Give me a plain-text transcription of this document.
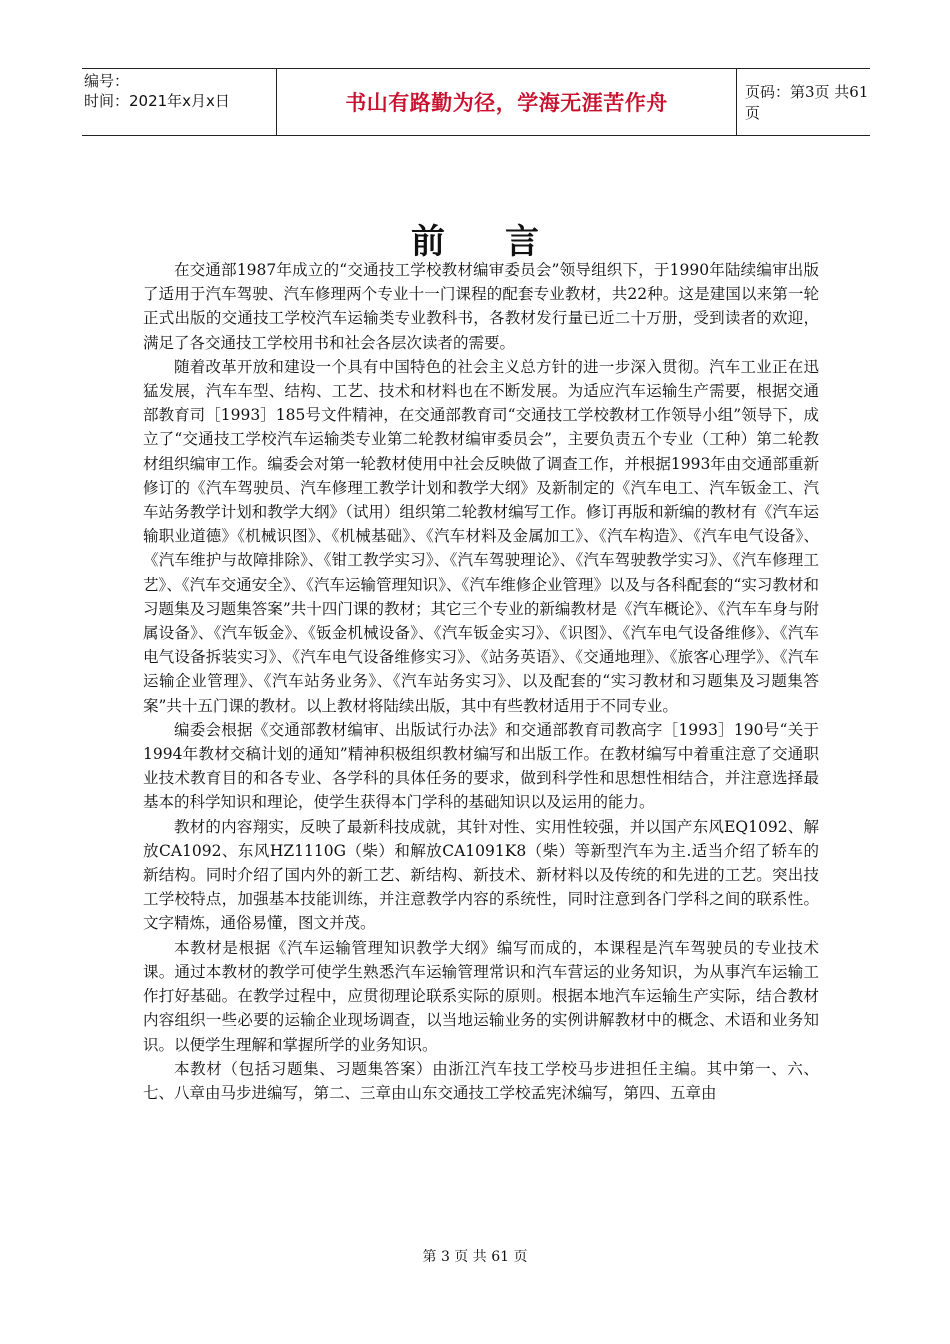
编号：
时间：2021年x月x日	书山有路勤为径，学海无涯苦作舟	页码：第3页 共61页
前言

在交通部1987年成立的“交通技工学校教材编审委员会”领导组织下，于1990年陆续编审出版了适用于汽车驾驶、汽车修理两个专业十一门课程的配套专业教材，共22种。这是建国以来第一轮正式出版的交通技工学校汽车运输类专业教科书，各教材发行量已近二十万册，受到读者的欢迎，满足了各交通技工学校用书和社会各层次读者的需要。

随着改革开放和建设一个具有中国特色的社会主义总方针的进一步深入贯彻。汽车工业正在迅猛发展，汽车车型、结构、工艺、技术和材料也在不断发展。为适应汽车运输生产需要，根据交通部教育司［1993］185号文件精神，在交通部教育司“交通技工学校教材工作领导小组”领导下，成立了“交通技工学校汽车运输类专业第二轮教材编审委员会”，主要负责五个专业（工种）第二轮教材组织编审工作。编委会对第一轮教材使用中社会反映做了调查工作，并根据1993年由交通部重新修订的《汽车驾驶员、汽车修理工教学计划和教学大纲》及新制定的《汽车电工、汽车钣金工、汽车站务教学计划和教学大纲》（试用）组织第二轮教材编写工作。修订再版和新编的教材有《汽车运输职业道德》《机械识图》、《机械基础》、《汽车材料及金属加工》、《汽车构造》、《汽车电气设备》、《汽车维护与故障排除》、《钳工教学实习》、《汽车驾驶理论》、《汽车驾驶教学实习》、《汽车修理工艺》、《汽车交通安全》、《汽车运输管理知识》、《汽车维修企业管理》以及与各科配套的“实习教材和习题集及习题集答案”共十四门课的教材；其它三个专业的新编教材是《汽车概论》、《汽车车身与附属设备》、《汽车钣金》、《钣金机械设备》、《汽车钣金实习》、《识图》、《汽车电气设备维修》、《汽车电气设备拆装实习》、《汽车电气设备维修实习》、《站务英语》、《交通地理》、《旅客心理学》、《汽车运输企业管理》、《汽车站务业务》、《汽车站务实习》、以及配套的“实习教材和习题集及习题集答案”共十五门课的教材。以上教材将陆续出版，其中有些教材适用于不同专业。

编委会根据《交通部教材编审、出版试行办法》和交通部教育司教高字［1993］190号“关于1994年教材交稿计划的通知”精神积极组织教材编写和出版工作。在教材编写中着重注意了交通职业技术教育目的和各专业、各学科的具体任务的要求，做到科学性和思想性相结合，并注意选择最基本的科学知识和理论，使学生获得本门学科的基础知识以及运用的能力。

教材的内容翔实，反映了最新科技成就，其针对性、实用性较强，并以国产东风EQ1092、解放CA1092、东风HZ1110G（柴）和解放CA1091K8（柴）等新型汽车为主.适当介绍了轿车的新结构。同时介绍了国内外的新工艺、新结构、新技术、新材料以及传统的和先进的工艺。突出技工学校特点，加强基本技能训练，并注意教学内容的系统性，同时注意到各门学科之间的联系性。文字精炼，通俗易懂，图文并茂。

本教材是根据《汽车运输管理知识教学大纲》编写而成的，本课程是汽车驾驶员的专业技术课。通过本教材的教学可使学生熟悉汽车运输管理常识和汽车营运的业务知识，为从事汽车运输工作打好基础。在教学过程中，应贯彻理论联系实际的原则。根据本地汽车运输生产实际，结合教材内容组织一些必要的运输企业现场调查，以当地运输业务的实例讲解教材中的概念、术语和业务知识。以便学生理解和掌握所学的业务知识。

本教材（包括习题集、习题集答案）由浙江汽车技工学校马步进担任主编。其中第一、六、七、八章由马步进编写，第二、三章由山东交通技工学校孟宪沭编写，第四、五章由

第 3 页 共 61 页
